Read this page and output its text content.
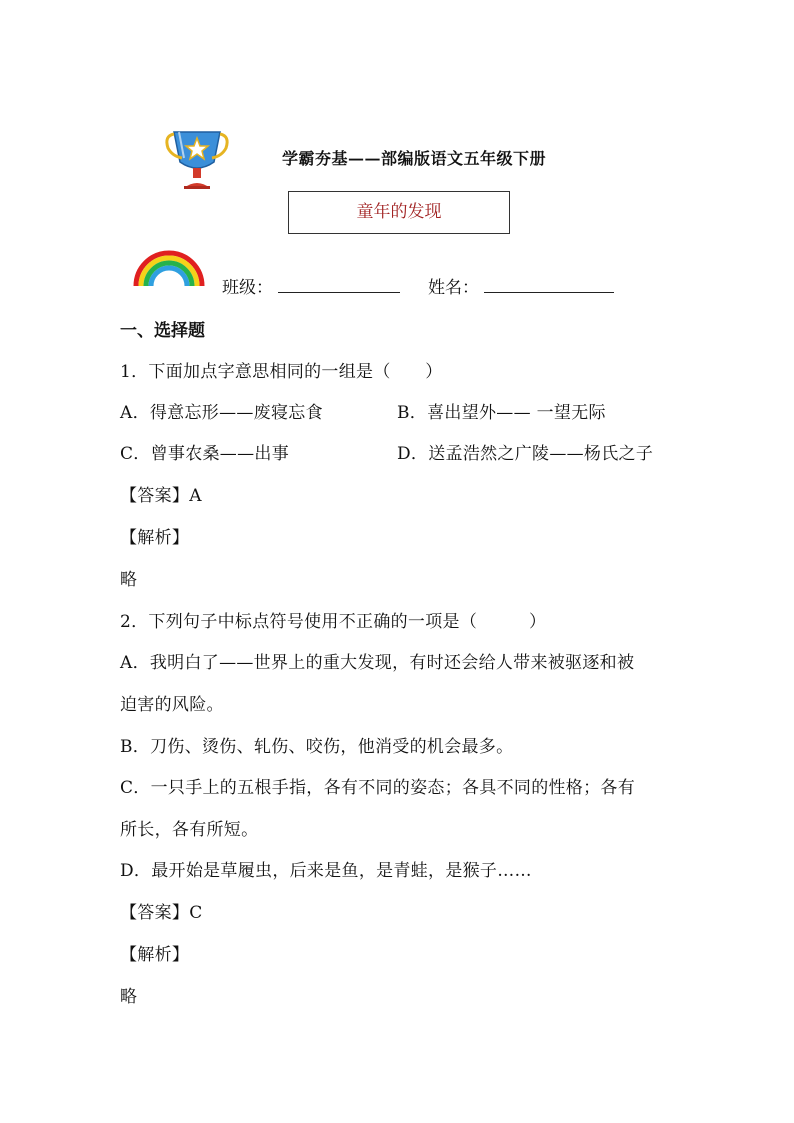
学霸夯基——部编版语文五年级下册
童年的发现
班级：	姓名：
一、选择题
1．下面加点字意思相同的一组是（　　）
A．得意忘形——废寝忘食	B．喜出望外—— 一望无际
C．曾事农桑——出事	D．送孟浩然之广陵——杨氏之子
【答案】A
【解析】
略
2．下列句子中标点符号使用不正确的一项是（　　　）
A．我明白了——世界上的重大发现，有时还会给人带来被驱逐和被
迫害的风险。
B．刀伤、烫伤、轧伤、咬伤，他消受的机会最多。
C．一只手上的五根手指，各有不同的姿态；各具不同的性格；各有
所长，各有所短。
D．最开始是草履虫，后来是鱼，是青蛙，是猴子……
【答案】C
【解析】
略
